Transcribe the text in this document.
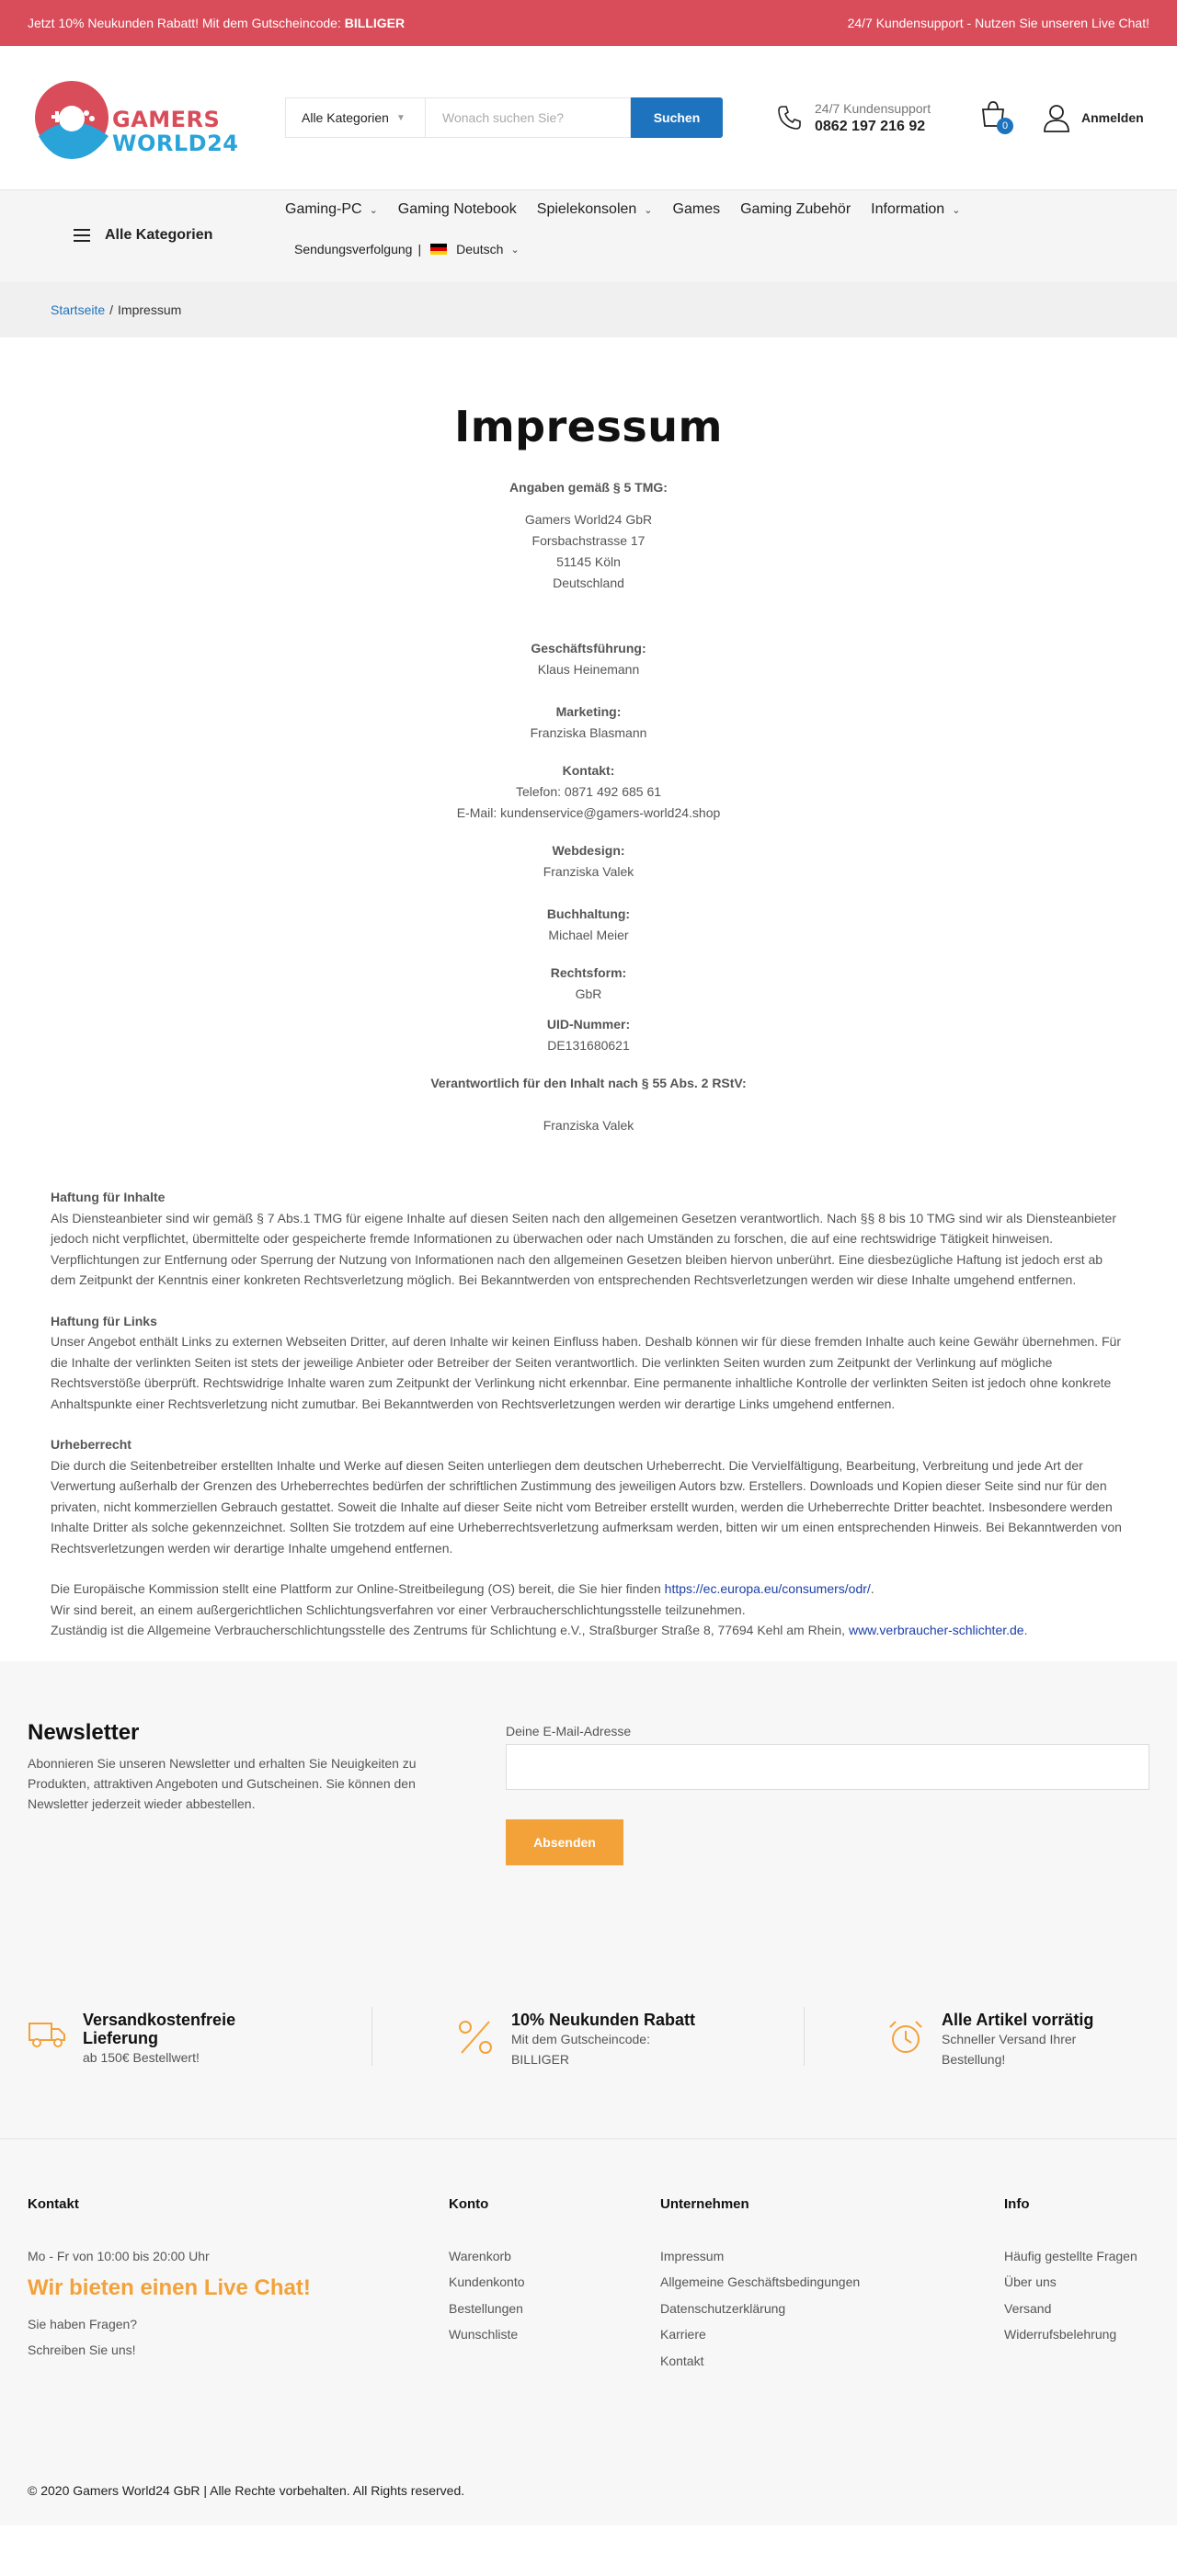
Jetzt 10% Neukunden Rabatt! Mit dem Gutscheincode: BILLIGER	24/7 Kundensupport - Nutzen Sie unseren Live Chat!
GAMERS
WORLD24
Alle Kategorien ▼
Wonach suchen Sie?	Suchen
24/7 Kundensupport
0862 197 216 92	0
Anmelden
Alle Kategorien
Gaming-PC ⌄ Gaming Notebook Spielekonsolen ⌄ Games Gaming Zubehör Information ⌄
Sendungsverfolgung |	Deutsch ⌄
Startseite / Impressum
Impressum
Angaben gemäß § 5 TMG:
Gamers World24 GbR
Forsbachstrasse 17
51145 Köln
Deutschland
Geschäftsführung:
Klaus Heinemann
Marketing:
Franziska Blasmann
Kontakt:
Telefon: 0871 492 685 61
E-Mail: kundenservice@gamers-world24.shop
Webdesign:
Franziska Valek
Buchhaltung:
Michael Meier
Rechtsform:
GbR
UID-Nummer:
DE131680621
Verantwortlich für den Inhalt nach § 55 Abs. 2 RStV:
Franziska Valek
Haftung für Inhalte

Als Diensteanbieter sind wir gemäß § 7 Abs.1 TMG für eigene Inhalte auf diesen Seiten nach den allgemeinen Gesetzen verantwortlich. Nach §§ 8 bis 10 TMG sind wir als Diensteanbieter jedoch nicht verpflichtet, übermittelte oder gespeicherte fremde Informationen zu überwachen oder nach Umständen zu forschen, die auf eine rechtswidrige Tätigkeit hinweisen. Verpflichtungen zur Entfernung oder Sperrung der Nutzung von Informationen nach den allgemeinen Gesetzen bleiben hiervon unberührt. Eine diesbezügliche Haftung ist jedoch erst ab dem Zeitpunkt der Kenntnis einer konkreten Rechtsverletzung möglich. Bei Bekanntwerden von entsprechenden Rechtsverletzungen werden wir diese Inhalte umgehend entfernen.

Haftung für Links

Unser Angebot enthält Links zu externen Webseiten Dritter, auf deren Inhalte wir keinen Einfluss haben. Deshalb können wir für diese fremden Inhalte auch keine Gewähr übernehmen. Für die Inhalte der verlinkten Seiten ist stets der jeweilige Anbieter oder Betreiber der Seiten verantwortlich. Die verlinkten Seiten wurden zum Zeitpunkt der Verlinkung auf mögliche Rechtsverstöße überprüft. Rechtswidrige Inhalte waren zum Zeitpunkt der Verlinkung nicht erkennbar. Eine permanente inhaltliche Kontrolle der verlinkten Seiten ist jedoch ohne konkrete Anhaltspunkte einer Rechtsverletzung nicht zumutbar. Bei Bekanntwerden von Rechtsverletzungen werden wir derartige Links umgehend entfernen.

Urheberrecht

Die durch die Seitenbetreiber erstellten Inhalte und Werke auf diesen Seiten unterliegen dem deutschen Urheberrecht. Die Vervielfältigung, Bearbeitung, Verbreitung und jede Art der Verwertung außerhalb der Grenzen des Urheberrechtes bedürfen der schriftlichen Zustimmung des jeweiligen Autors bzw. Erstellers. Downloads und Kopien dieser Seite sind nur für den privaten, nicht kommerziellen Gebrauch gestattet. Soweit die Inhalte auf dieser Seite nicht vom Betreiber erstellt wurden, werden die Urheberrechte Dritter beachtet. Insbesondere werden Inhalte Dritter als solche gekennzeichnet. Sollten Sie trotzdem auf eine Urheberrechtsverletzung aufmerksam werden, bitten wir um einen entsprechenden Hinweis. Bei Bekanntwerden von Rechtsverletzungen werden wir derartige Inhalte umgehend entfernen.

Die Europäische Kommission stellt eine Plattform zur Online-Streitbeilegung (OS) bereit, die Sie hier finden https://ec.europa.eu/consumers/odr/.
Wir sind bereit, an einem außergerichtlichen Schlichtungsverfahren vor einer Verbraucherschlichtungsstelle teilzunehmen.
Zuständig ist die Allgemeine Verbraucherschlichtungsstelle des Zentrums für Schlichtung e.V., Straßburger Straße 8, 77694 Kehl am Rhein, www.verbraucher-schlichter.de.

Newsletter

Abonnieren Sie unseren Newsletter und erhalten Sie Neuigkeiten zu Produkten, attraktiven Angeboten und Gutscheinen. Sie können den Newsletter jederzeit wieder abbestellen.

Deine E-Mail-Adresse
Absenden
Versandkostenfreie Lieferung
ab 150€ Bestellwert!
10% Neukunden Rabatt
Mit dem Gutscheincode: BILLIGER
Alle Artikel vorrätig
Schneller Versand Ihrer Bestellung!
Kontakt
Mo - Fr von 10:00 bis 20:00 Uhr
Wir bieten einen Live Chat!
Sie haben Fragen?
Schreiben Sie uns!
Konto
Warenkorb
Kundenkonto
Bestellungen
Wunschliste
Unternehmen
Impressum
Allgemeine Geschäftsbedingungen
Datenschutzerklärung
Karriere
Kontakt
Info
Häufig gestellte Fragen
Über uns
Versand
Widerrufsbelehrung
© 2020 Gamers World24 GbR | Alle Rechte vorbehalten. All Rights reserved.
